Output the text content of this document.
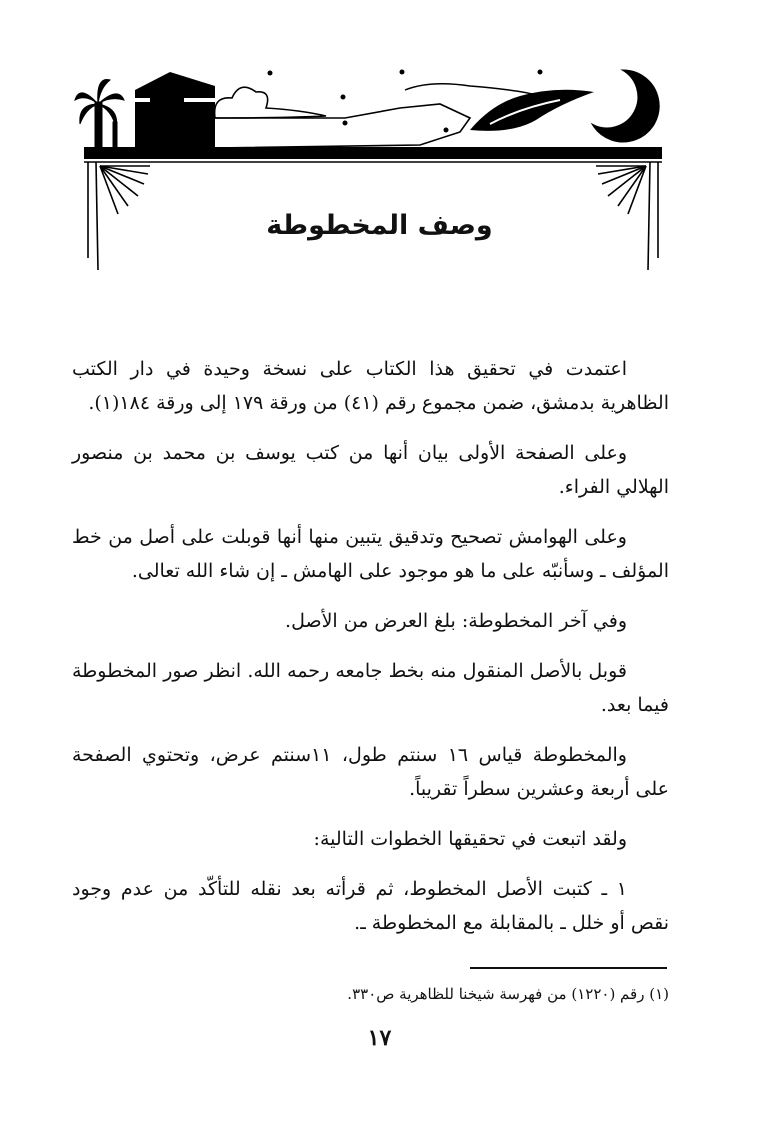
وصف المخطوطة

اعتمدت في تحقيق هذا الكتاب على نسخة وحيدة في دار الكتب الظاهرية بدمشق، ضمن مجموع رقم (٤١) من ورقة ١٧٩ إلى ورقة ١٨٤(١).

وعلى الصفحة الأولى بيان أنها من كتب يوسف بن محمد بن منصور الهلالي الفراء.

وعلى الهوامش تصحيح وتدقيق يتبين منها أنها قوبلت على أصل من خط المؤلف ـ وسأنبّه على ما هو موجود على الهامش ـ إن شاء الله تعالى.

وفي آخر المخطوطة: بلغ العرض من الأصل.

قوبل بالأصل المنقول منه بخط جامعه رحمه الله. انظر صور المخطوطة فيما بعد.

والمخطوطة قياس ١٦ سنتم طول، ١١سنتم عرض، وتحتوي الصفحة على أربعة وعشرين سطراً تقريباً.

ولقد اتبعت في تحقيقها الخطوات التالية:

١ ـ كتبت الأصل المخطوط، ثم قرأته بعد نقله للتأكّد من عدم وجود نقص أو خلل ـ بالمقابلة مع المخطوطة ـ.

(١) رقم (١٢٢٠) من فهرسة شيخنا للظاهرية ص٣٣٠.

١٧
